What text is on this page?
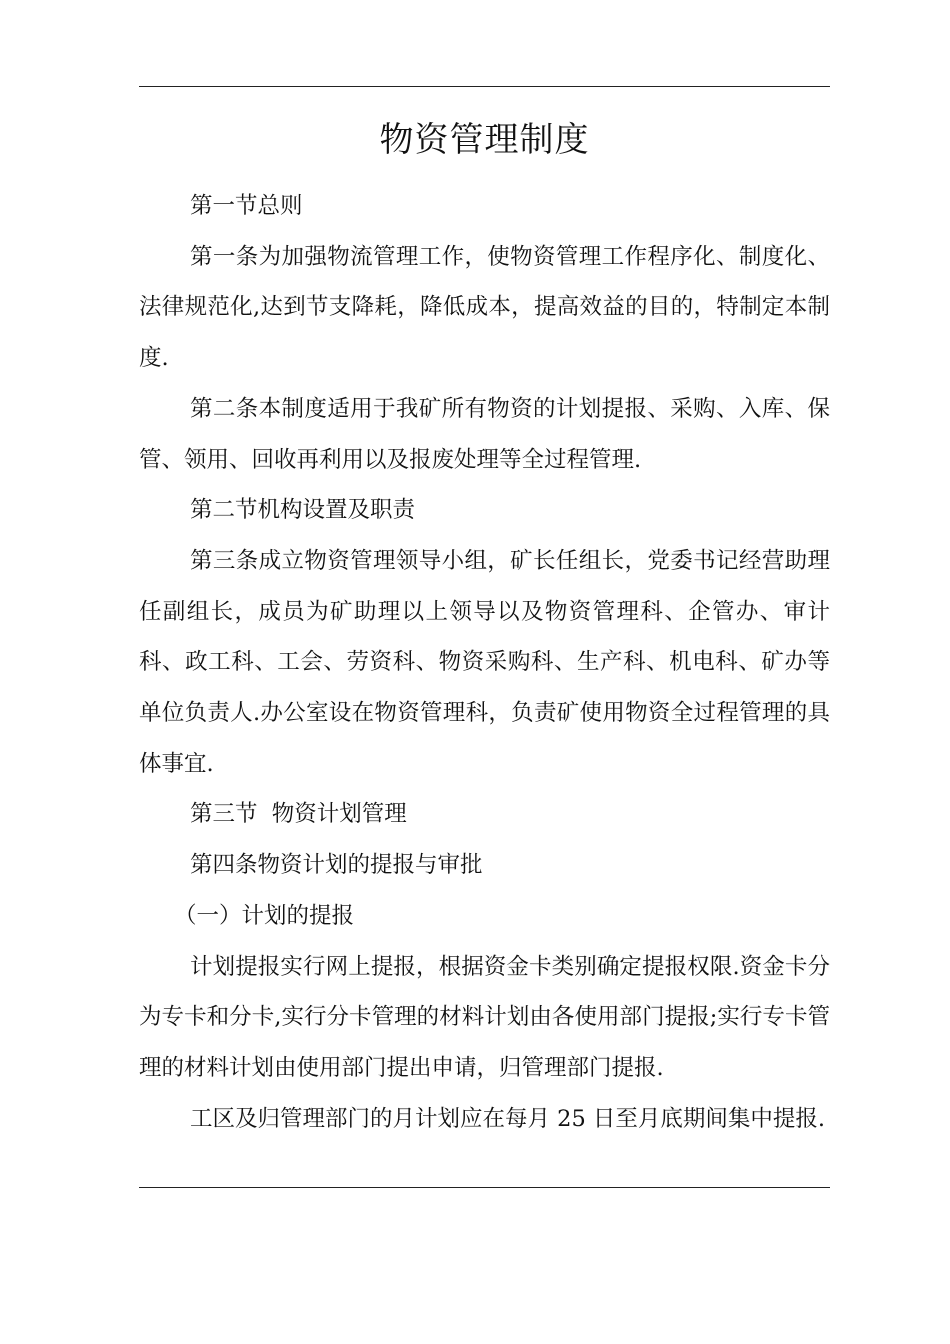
物资管理制度

第一节总则

第一条为加强物流管理工作，使物资管理工作程序化、制度化、法律规范化,达到节支降耗，降低成本，提高效益的目的，特制定本制度.

第二条本制度适用于我矿所有物资的计划提报、采购、入库、保管、领用、回收再利用以及报废处理等全过程管理.

第二节机构设置及职责

第三条成立物资管理领导小组，矿长任组长，党委书记经营助理任副组长，成员为矿助理以上领导以及物资管理科、企管办、审计科、政工科、工会、劳资科、物资采购科、生产科、机电科、矿办等单位负责人.办公室设在物资管理科，负责矿使用物资全过程管理的具体事宜.

第三节  物资计划管理

第四条物资计划的提报与审批

（一）计划的提报

计划提报实行网上提报，根据资金卡类别确定提报权限.资金卡分为专卡和分卡,实行分卡管理的材料计划由各使用部门提报;实行专卡管理的材料计划由使用部门提出申请，归管理部门提报.

工区及归管理部门的月计划应在每月 25 日至月底期间集中提报.
